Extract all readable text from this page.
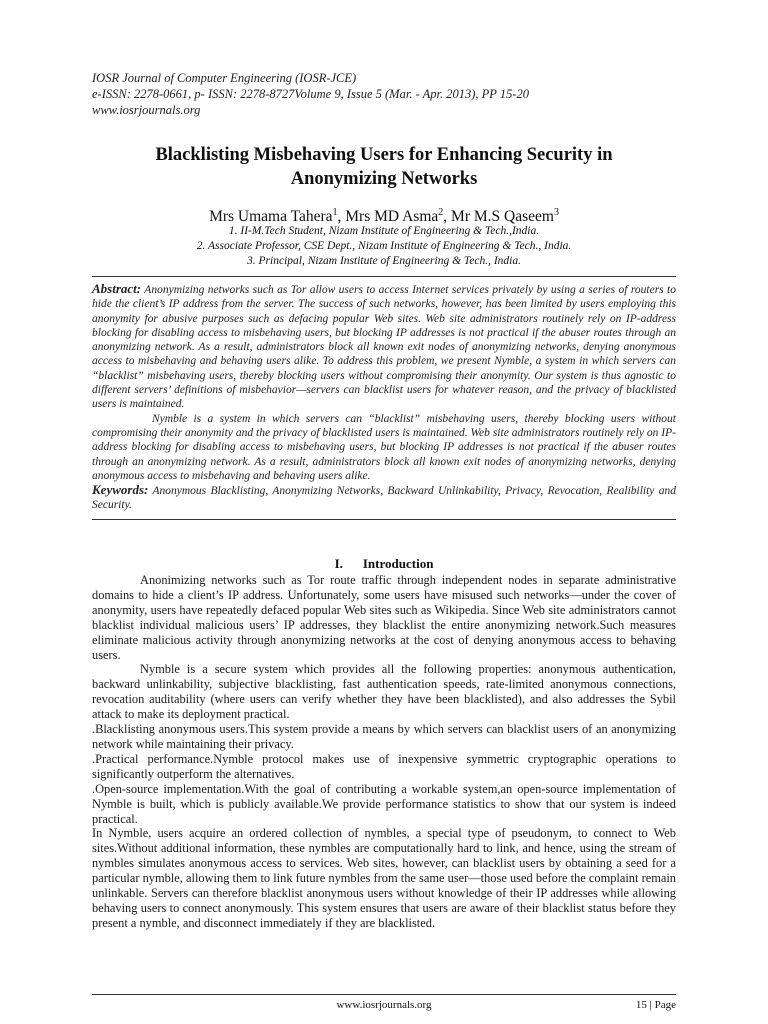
IOSR Journal of Computer Engineering (IOSR-JCE)
e-ISSN: 2278-0661, p- ISSN: 2278-8727Volume 9, Issue 5 (Mar. - Apr. 2013), PP 15-20
www.iosrjournals.org
Blacklisting Misbehaving Users for Enhancing Security in
Anonymizing Networks
Mrs Umama Tahera$^1$, Mrs MD Asma$^2$, Mr M.S Qaseem$^3$
1. II-M.Tech Student, Nizam Institute of Engineering & Tech.,India.
2. Associate Professor, CSE Dept., Nizam Institute of Engineering & Tech., India.
3. Principal, Nizam Institute of Engineering & Tech., India.

Abstract: Anonymizing networks such as Tor allow users to access Internet services privately by using a series of routers to hide the client’s IP address from the server. The success of such networks, however, has been limited by users employing this anonymity for abusive purposes such as defacing popular Web sites. Web site administrators routinely rely on IP-address blocking for disabling access to misbehaving users, but blocking IP addresses is not practical if the abuser routes through an anonymizing network. As a result, administrators block all known exit nodes of anonymizing networks, denying anonymous access to misbehaving and behaving users alike. To address this problem, we present Nymble, a system in which servers can “blacklist” misbehaving users, thereby blocking users without compromising their anonymity. Our system is thus agnostic to different servers’ definitions of misbehavior—servers can blacklist users for whatever reason, and the privacy of blacklisted users is maintained.

Nymble is a system in which servers can “blacklist” misbehaving users, thereby blocking users without compromising their anonymity and the privacy of blacklisted users is maintained. Web site administrators routinely rely on IP-address blocking for disabling access to misbehaving users, but blocking IP addresses is not practical if the abuser routes through an anonymizing network. As a result, administrators block all known exit nodes of anonymizing networks, denying anonymous access to misbehaving and behaving users alike.

Keywords: Anonymous Blacklisting, Anonymizing Networks, Backward Unlinkability, Privacy, Revocation, Realibility and Security.

I. Introduction

Anonimizing networks such as Tor route traffic through independent nodes in separate administrative domains to hide a client’s IP address. Unfortunately, some users have misused such networks—under the cover of anonymity, users have repeatedly defaced popular Web sites such as Wikipedia. Since Web site administrators cannot blacklist individual malicious users’ IP addresses, they blacklist the entire anonymizing network.Such measures eliminate malicious activity through anonymizing networks at the cost of denying anonymous access to behaving users.

Nymble is a secure system which provides all the following properties: anonymous authentication, backward unlinkability, subjective blacklisting, fast authentication speeds, rate-limited anonymous connections, revocation auditability (where users can verify whether they have been blacklisted), and also addresses the Sybil attack to make its deployment practical.

.Blacklisting anonymous users.This system provide a means by which servers can blacklist users of an anonymizing network while maintaining their privacy.

.Practical performance.Nymble protocol makes use of inexpensive symmetric cryptographic operations to significantly outperform the alternatives.

.Open-source implementation.With the goal of contributing a workable system,an open-source implementation of Nymble is built, which is publicly available.We provide performance statistics to show that our system is indeed practical.

In Nymble, users acquire an ordered collection of nymbles, a special type of pseudonym, to connect to Web sites.Without additional information, these nymbles are computationally hard to link, and hence, using the stream of nymbles simulates anonymous access to services. Web sites, however, can blacklist users by obtaining a seed for a particular nymble, allowing them to link future nymbles from the same user—those used before the complaint remain unlinkable. Servers can therefore blacklist anonymous users without knowledge of their IP addresses while allowing behaving users to connect anonymously. This system ensures that users are aware of their blacklist status before they present a nymble, and disconnect immediately if they are blacklisted.

www.iosrjournals.org	15 | Page
